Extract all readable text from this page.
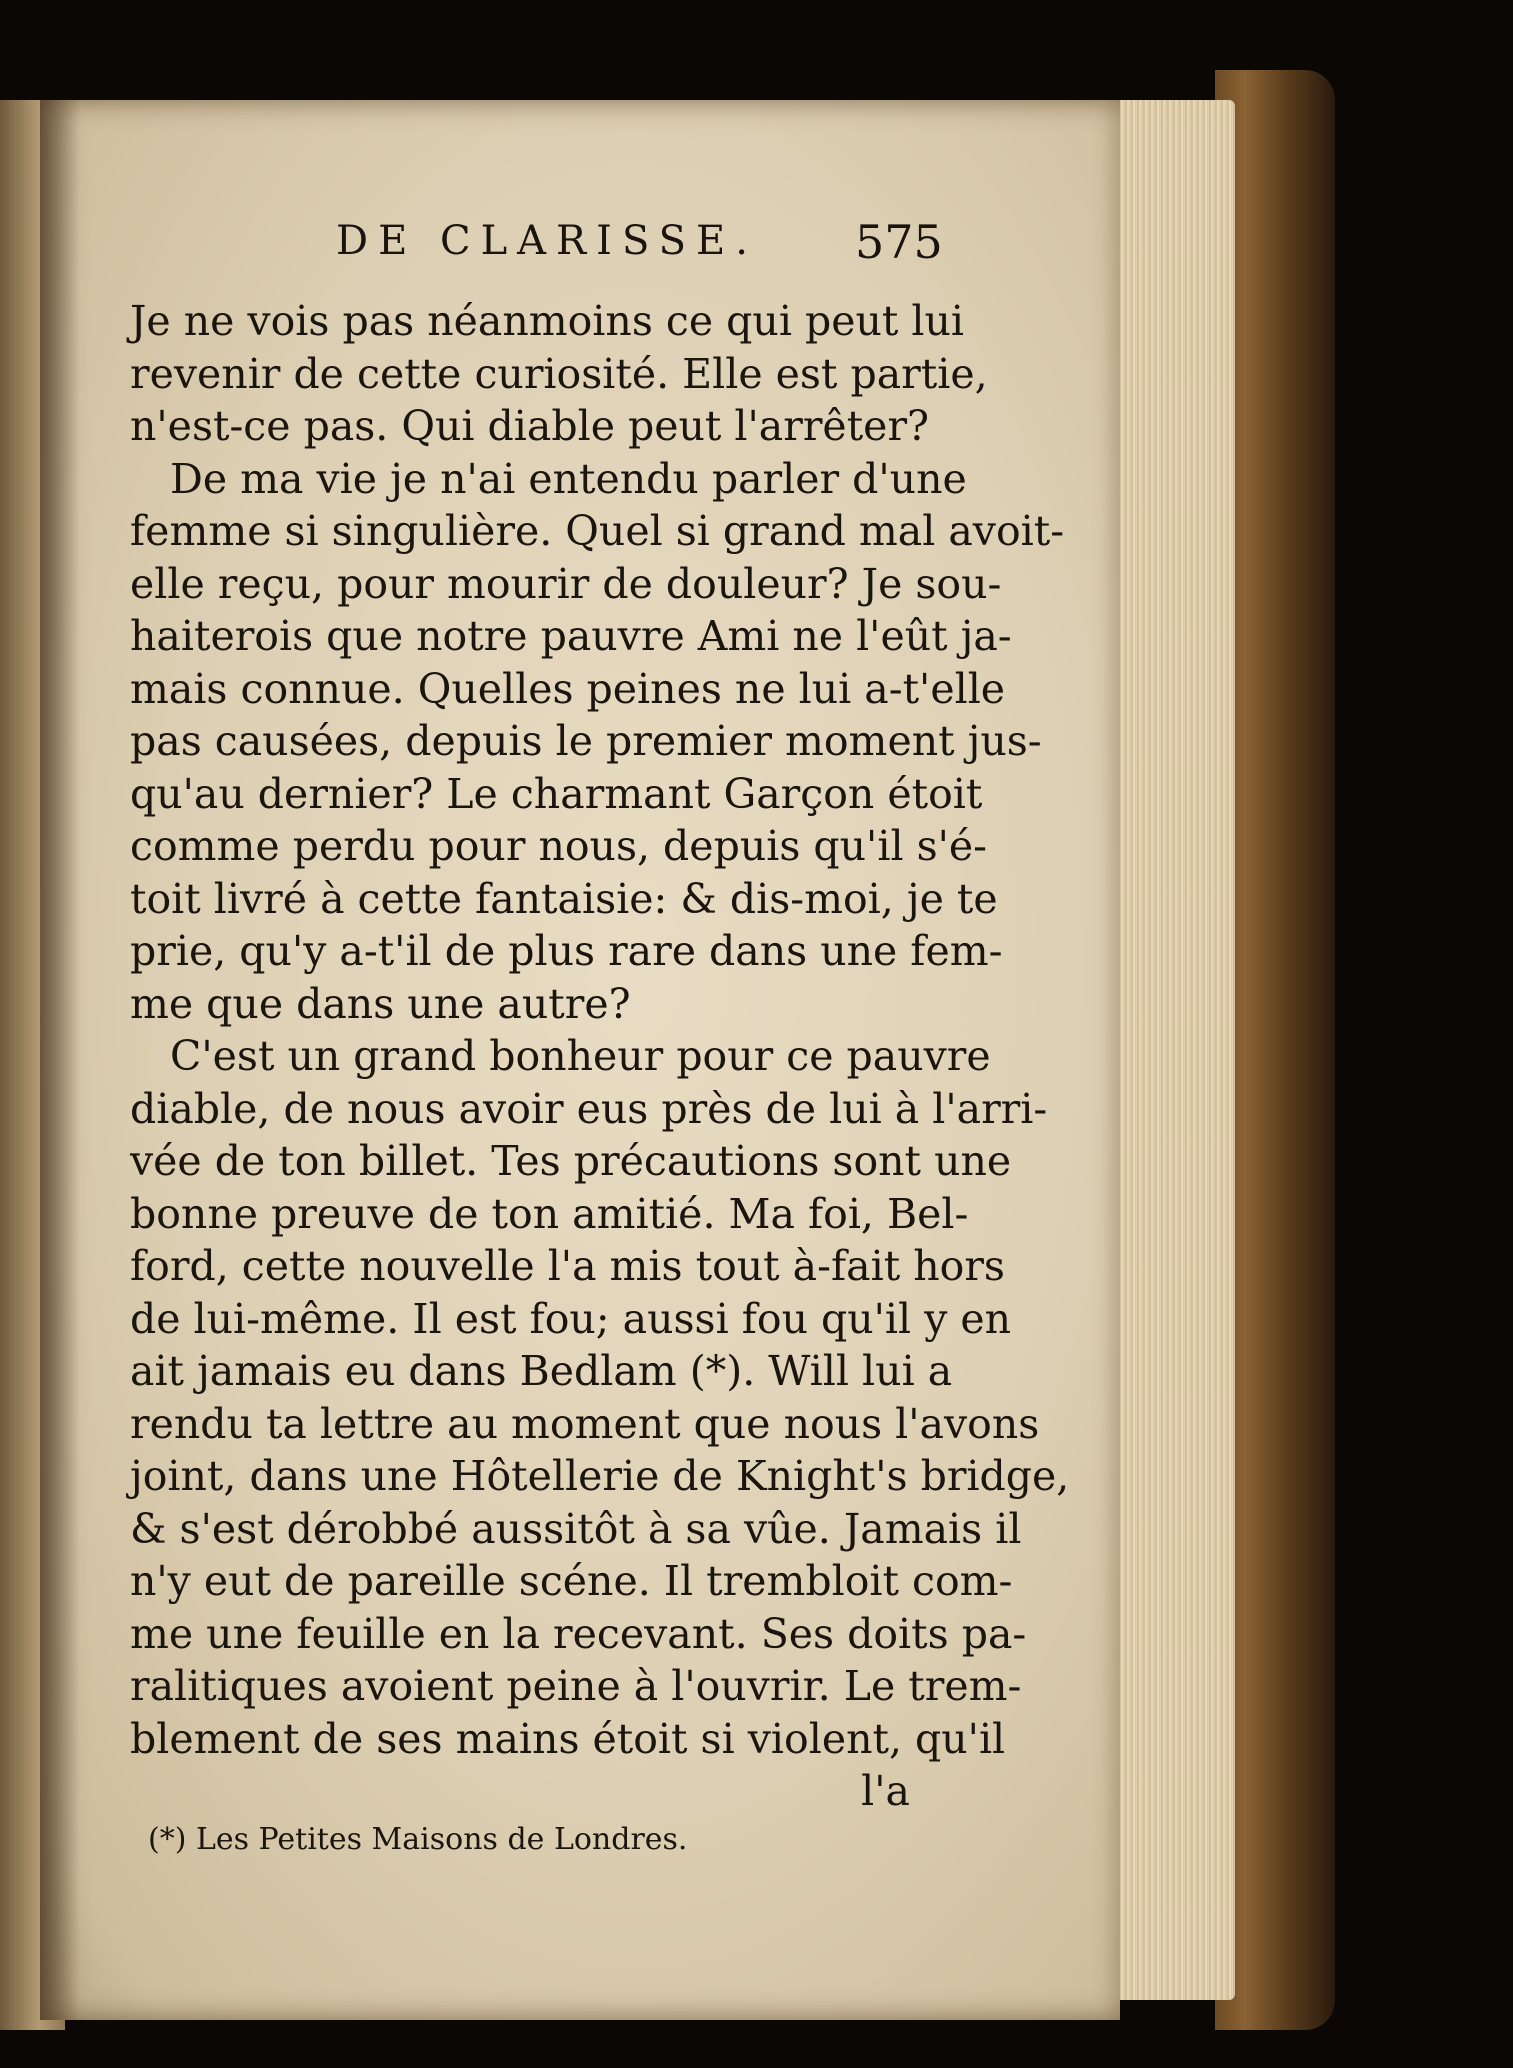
DE CLARISSE.	575
Je ne vois pas néanmoins ce qui peut lui
revenir de cette curiosité. Elle est partie,
n'est-ce pas. Qui diable peut l'arrêter?
De ma vie je n'ai entendu parler d'une
femme si singulière. Quel si grand mal avoit-
elle reçu, pour mourir de douleur? Je sou-
haiterois que notre pauvre Ami ne l'eût ja-
mais connue. Quelles peines ne lui a-t'elle
pas causées, depuis le premier moment jus-
qu'au dernier? Le charmant Garçon étoit
comme perdu pour nous, depuis qu'il s'é-
toit livré à cette fantaisie: & dis-moi, je te
prie, qu'y a-t'il de plus rare dans une fem-
me que dans une autre?
C'est un grand bonheur pour ce pauvre
diable, de nous avoir eus près de lui à l'arri-
vée de ton billet. Tes précautions sont une
bonne preuve de ton amitié. Ma foi, Bel-
ford, cette nouvelle l'a mis tout à-fait hors
de lui-même. Il est fou; aussi fou qu'il y en
ait jamais eu dans Bedlam (*). Will lui a
rendu ta lettre au moment que nous l'avons
joint, dans une Hôtellerie de Knight's bridge,
& s'est dérobbé aussitôt à sa vûe. Jamais il
n'y eut de pareille scéne. Il trembloit com-
me une feuille en la recevant. Ses doits pa-
ralitiques avoient peine à l'ouvrir. Le trem-
blement de ses mains étoit si violent, qu'il
l'a
(*) Les Petites Maisons de Londres.
